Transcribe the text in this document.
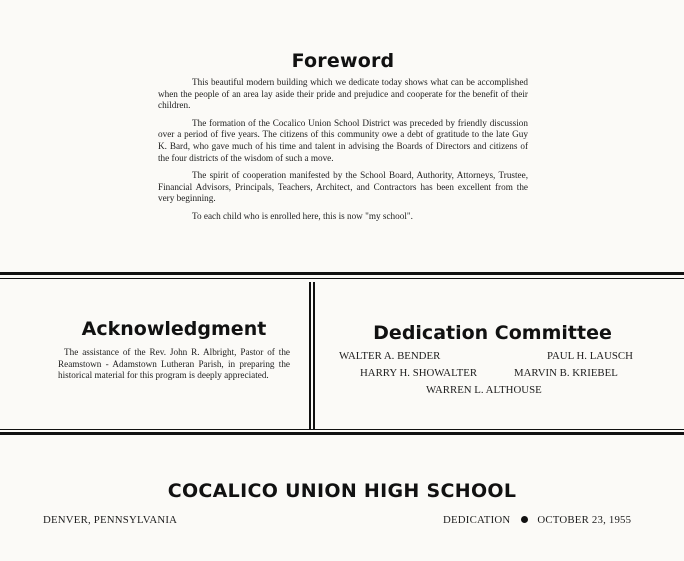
Foreword

This beautiful modern building which we dedicate today shows what can be accomplished when the people of an area lay aside their pride and prejudice and cooperate for the benefit of their children.

The formation of the Cocalico Union School District was preceded by friendly discussion over a period of five years. The citizens of this community owe a debt of gratitude to the late Guy K. Bard, who gave much of his time and talent in advising the Boards of Directors and citizens of the four districts of the wisdom of such a move.

The spirit of cooperation manifested by the School Board, Authority, Attorneys, Trustee, Financial Advisors, Principals, Teachers, Architect, and Contractors has been excellent from the very beginning.

To each child who is enrolled here, this is now "my school".

Acknowledgment

The assistance of the Rev. John R. Albright, Pastor of the Reamstown - Adamstown Lutheran Parish, in preparing the historical material for this program is deeply appreciated.

Dedication Committee
WALTER A. BENDER	PAUL H. LAUSCH
HARRY H. SHOWALTER	MARVIN B. KRIEBEL
WARREN L. ALTHOUSE
COCALICO UNION HIGH SCHOOL
DENVER, PENNSYLVANIA	DEDICATION	OCTOBER 23, 1955
